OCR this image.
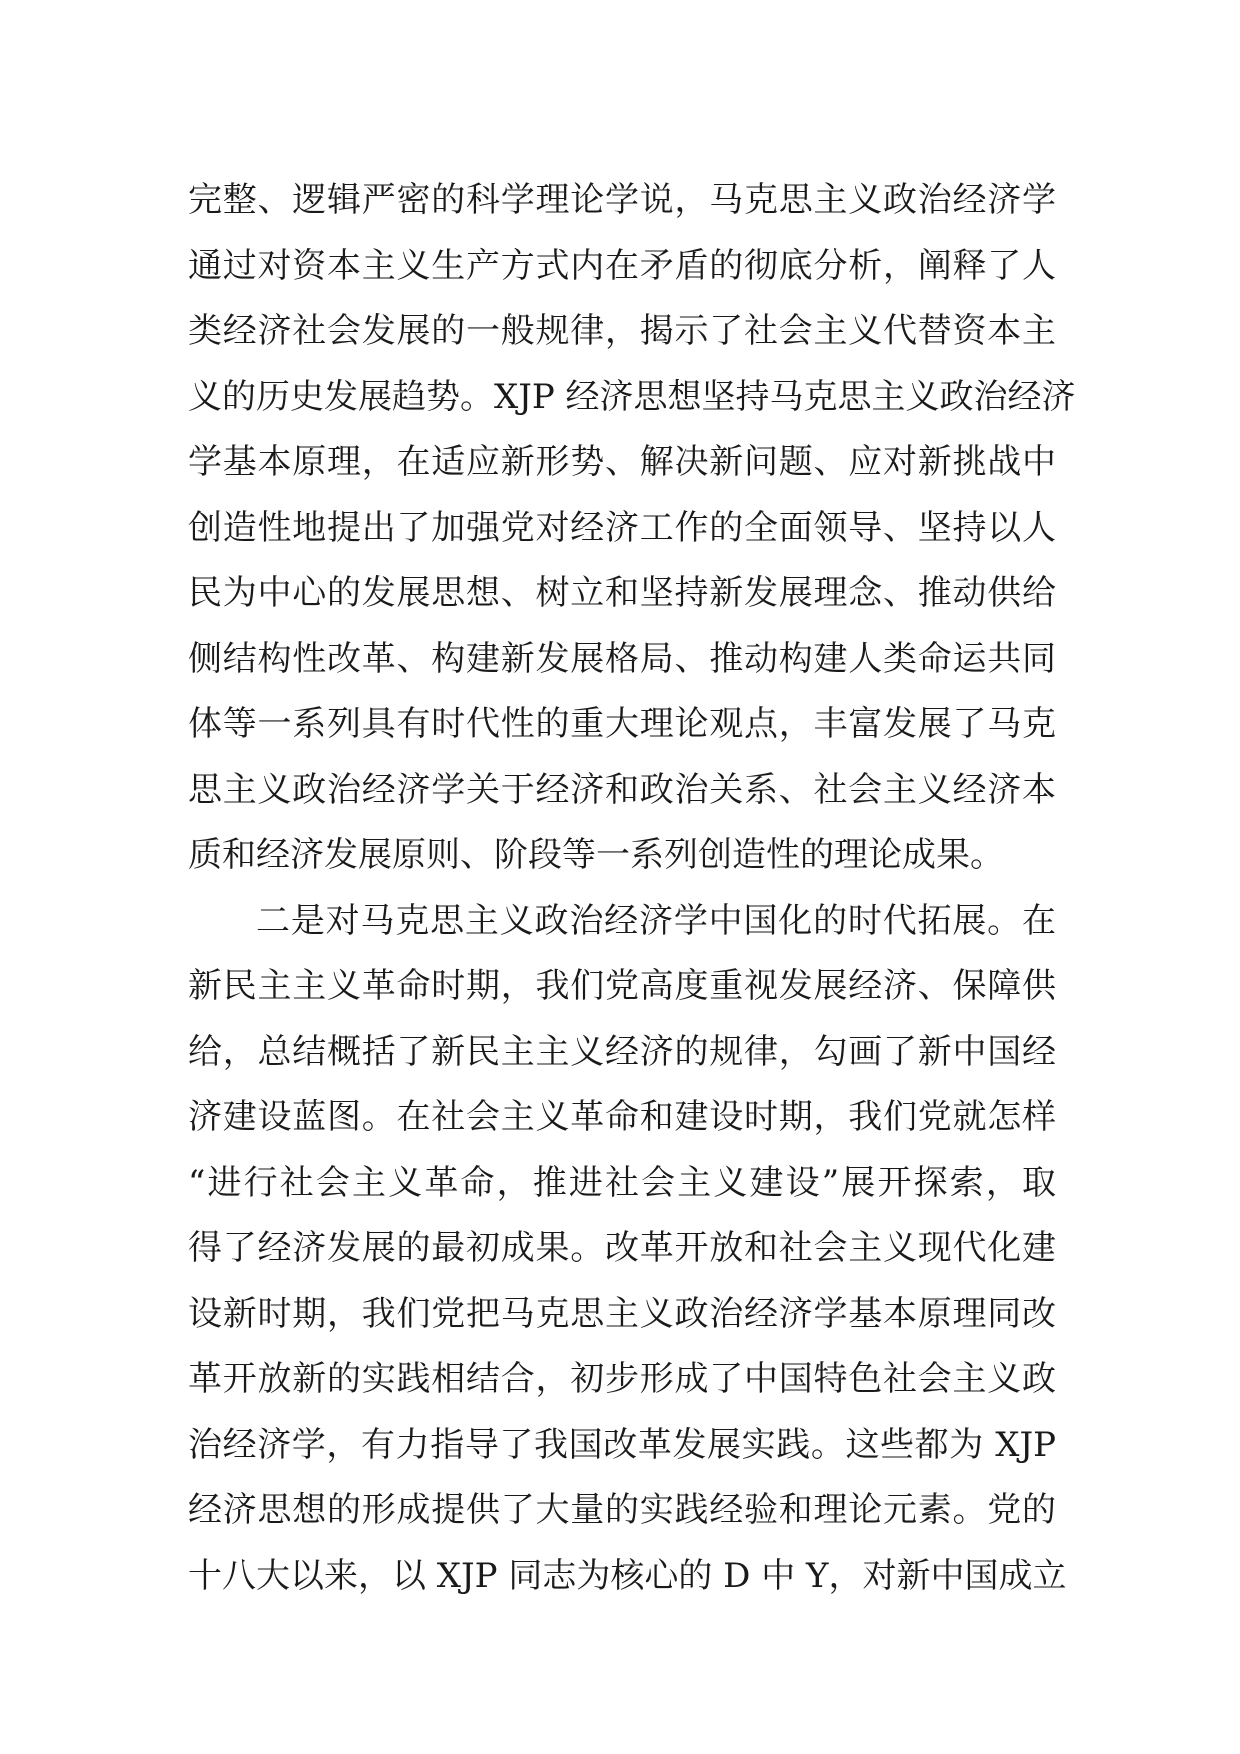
完整、逻辑严密的科学理论学说，马克思主义政治经济学
通过对资本主义生产方式内在矛盾的彻底分析，阐释了人
类经济社会发展的一般规律，揭示了社会主义代替资本主
义的历史发展趋势。XJP 经济思想坚持马克思主义政治经济
学基本原理，在适应新形势、解决新问题、应对新挑战中
创造性地提出了加强党对经济工作的全面领导、坚持以人
民为中心的发展思想、树立和坚持新发展理念、推动供给
侧结构性改革、构建新发展格局、推动构建人类命运共同
体等一系列具有时代性的重大理论观点，丰富发展了马克
思主义政治经济学关于经济和政治关系、社会主义经济本
质和经济发展原则、阶段等一系列创造性的理论成果。
二是对马克思主义政治经济学中国化的时代拓展。在
新民主主义革命时期，我们党高度重视发展经济、保障供
给，总结概括了新民主主义经济的规律，勾画了新中国经
济建设蓝图。在社会主义革命和建设时期，我们党就怎样
“进行社会主义革命，推进社会主义建设”展开探索，取
得了经济发展的最初成果。改革开放和社会主义现代化建
设新时期，我们党把马克思主义政治经济学基本原理同改
革开放新的实践相结合，初步形成了中国特色社会主义政
治经济学，有力指导了我国改革发展实践。这些都为 XJP
经济思想的形成提供了大量的实践经验和理论元素。党的
十八大以来，以 XJP 同志为核心的 D 中 Y，对新中国成立
